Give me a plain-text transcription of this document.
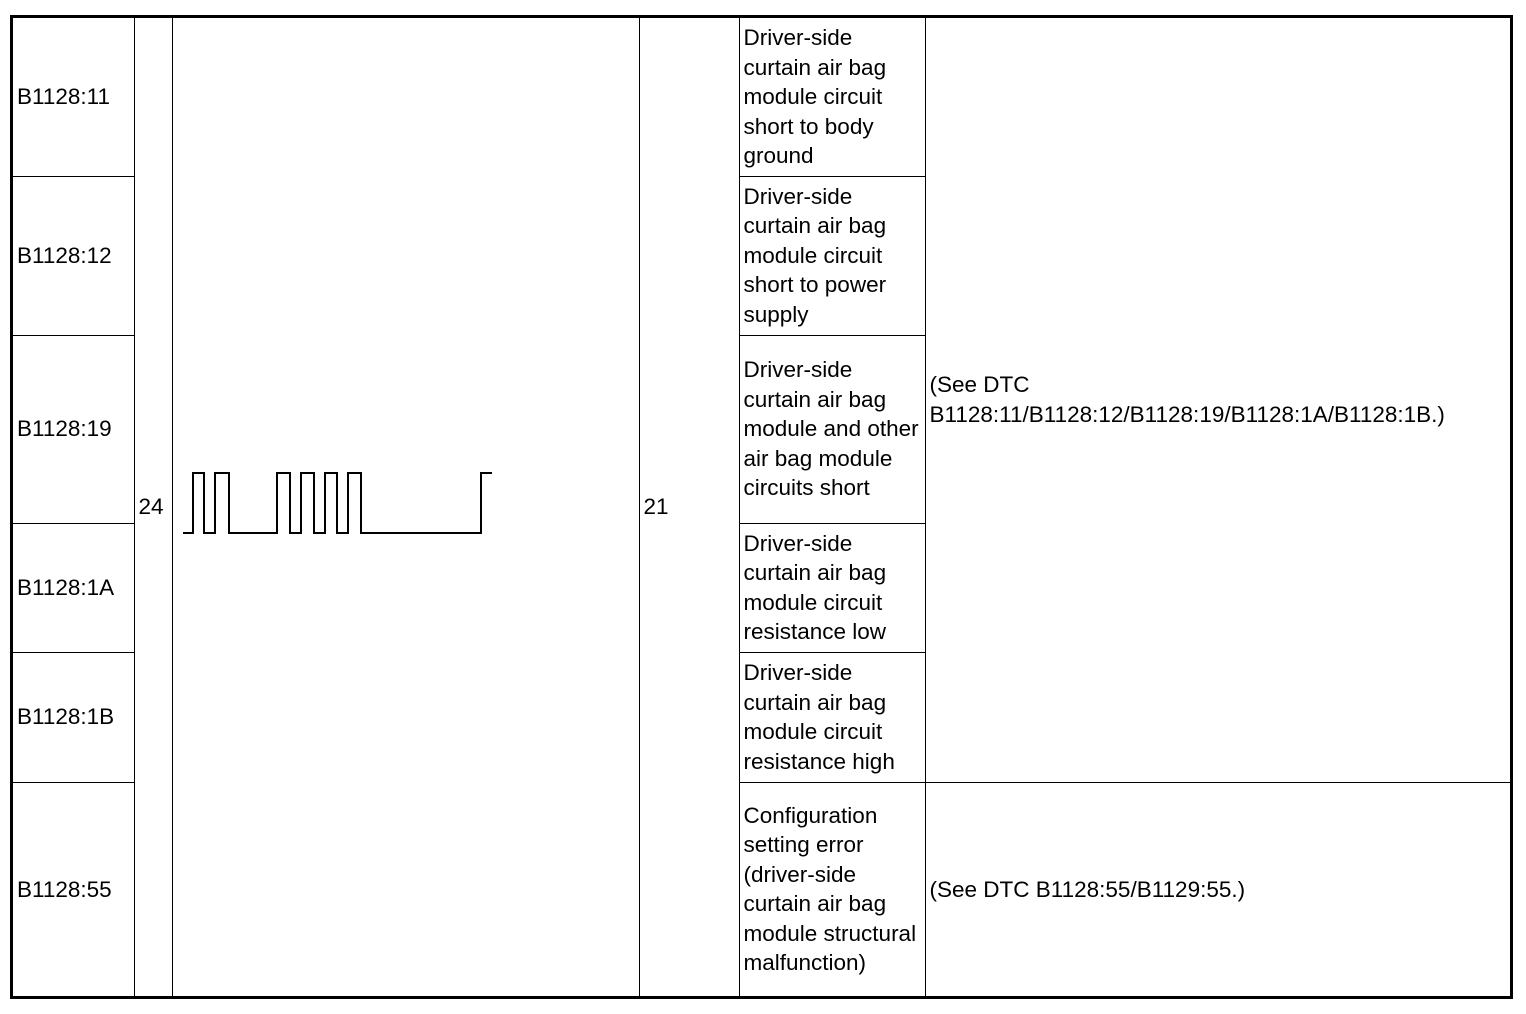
B1128:11	24		21	Driver-side curtain air bag module circuit short to body ground	(See DTC B1128:11/B1128:12/B1128:19/B1128:1A/B1128:1B.)
B1128:12				Driver-side curtain air bag module circuit short to power supply	
B1128:19				Driver-side curtain air bag module and other air bag module circuits short	
B1128:1A				Driver-side curtain air bag module circuit resistance low	
B1128:1B				Driver-side curtain air bag module circuit resistance high	
B1128:55				Configuration setting error (driver-side curtain air bag module structural malfunction)	(See DTC B1128:55/B1129:55.)
